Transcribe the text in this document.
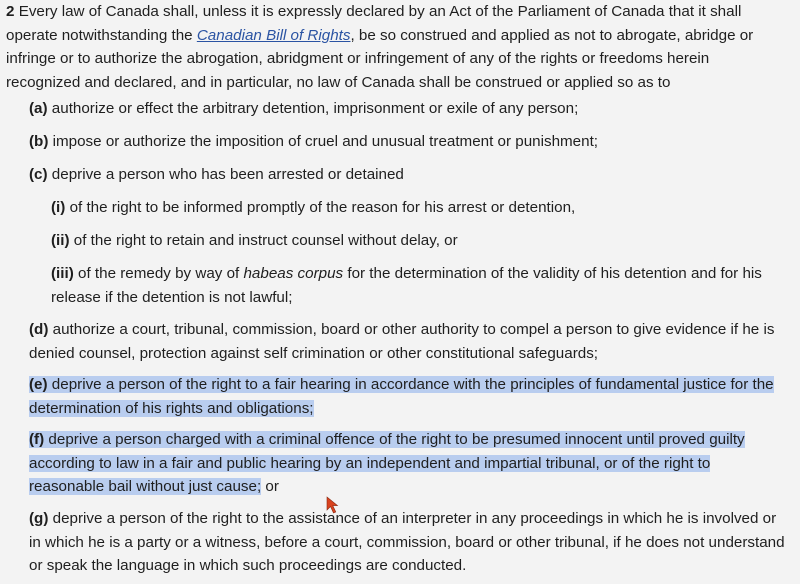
2 Every law of Canada shall, unless it is expressly declared by an Act of the Parliament of Canada that it shall operate notwithstanding the Canadian Bill of Rights, be so construed and applied as not to abrogate, abridge or infringe or to authorize the abrogation, abridgment or infringement of any of the rights or freedoms herein recognized and declared, and in particular, no law of Canada shall be construed or applied so as to

(a) authorize or effect the arbitrary detention, imprisonment or exile of any person;

(b) impose or authorize the imposition of cruel and unusual treatment or punishment;

(c) deprive a person who has been arrested or detained

(i) of the right to be informed promptly of the reason for his arrest or detention,

(ii) of the right to retain and instruct counsel without delay, or

(iii) of the remedy by way of habeas corpus for the determination of the validity of his detention and for his release if the detention is not lawful;

(d) authorize a court, tribunal, commission, board or other authority to compel a person to give evidence if he is denied counsel, protection against self crimination or other constitutional safeguards;

(e) deprive a person of the right to a fair hearing in accordance with the principles of fundamental justice for the determination of his rights and obligations;

(f) deprive a person charged with a criminal offence of the right to be presumed innocent until proved guilty according to law in a fair and public hearing by an independent and impartial tribunal, or of the right to reasonable bail without just cause; or

(g) deprive a person of the right to the assistance of an interpreter in any proceedings in which he is involved or in which he is a party or a witness, before a court, commission, board or other tribunal, if he does not understand or speak the language in which such proceedings are conducted.
